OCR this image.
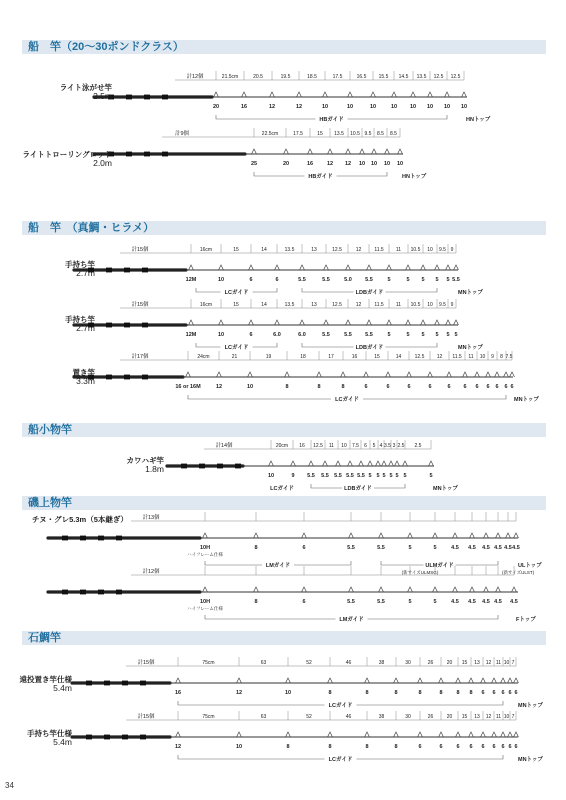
船　竿（20〜30ポンドクラス）
船　竿　（真鯛・ヒラメ）
船小物竿
磯上物竿
石鯛竿
計12個	21.5cm	20.5	19.5	18.5	17.5	16.5 15.5 14.5 13.5 12.5 12.5
20	16	12	12	10	10	10	10 10 10 10 10
HBガイド	HNトップ
計9個	22.5cm	17.5	15 13.5 10.5 9.5 8.5 8.5
25	20	16	12 12 10 10 10 10
HBガイド	HNトップ
計15個	16cm	15	14	13.5	13	12.5	12	11.5 11 10.5 10 9.5 9
12M	10	6	6	5.5	5.5	5.0 5.5	5	5 5 5 5 5.5
LCガイド	LDBガイド	MNトップ
計15個	16cm	15	14	13.5	13	12.5	12	11.5 11 10.5 10 9.5 9
12M	10	6	6.0	6.0	5.5	5.5 5.5	5	5 5 5 5 5
LCガイド	LDBガイド	MNトップ
計17個	24cm	21	19	18	17	16	15	14	12.5 12 11.5 11 10 9 8 7.5
16 or 16M	12	10	8	8	8	6	6	6	6	6 6 6 6 6 6 6
LCガイド	MNトップ
計14個	20cm 16 12.5 11 10 7.5 6 5 4 3.5 3 2.5 2.5
10	9 5.5 5.5 5.5 5.5 5.5 5 5 5 5 5 5	5
LCガイド	LDBガイド	MNトップ
計13個
10H	8	6	5.5	5.5	5	5	4.5 4.5 4.5 4.5 4.5 4.5
ハイフレーム仕様
LMガイド	ULMガイド
(新サイズULMSG)
ULトップ
(新サイズULST)
計12個
10H	8	6	5.5	5.5	5	5	4.5 4.5 4.5 4.5 4.5
ハイフレーム仕様
LMガイド	Fトップ
計15個	75cm	63	52	46	38	30	26	20 15 13 12 11 10 7
16	12	10	8	8	8	8	8	8 8 6 6 6 6 6
LCガイド	MNトップ
計15個	75cm	63	52	46	38	30	26	20 15 13 12 11 10 7
12	10	8	8	8	8	6	6	6 6 6 6 6 6 6
LCガイド	MNトップ
ライト泳がせ竿
2.5m
ライトトローリングロッド
2.0m
手持ち竿
2.7m
手持ち竿
2.7m
置き竿
3.3m
カワハギ竿
1.8m
チヌ・グレ5.3m（5本継ぎ）
遠投置き竿仕様
5.4m
手持ち竿仕様
5.4m
34
